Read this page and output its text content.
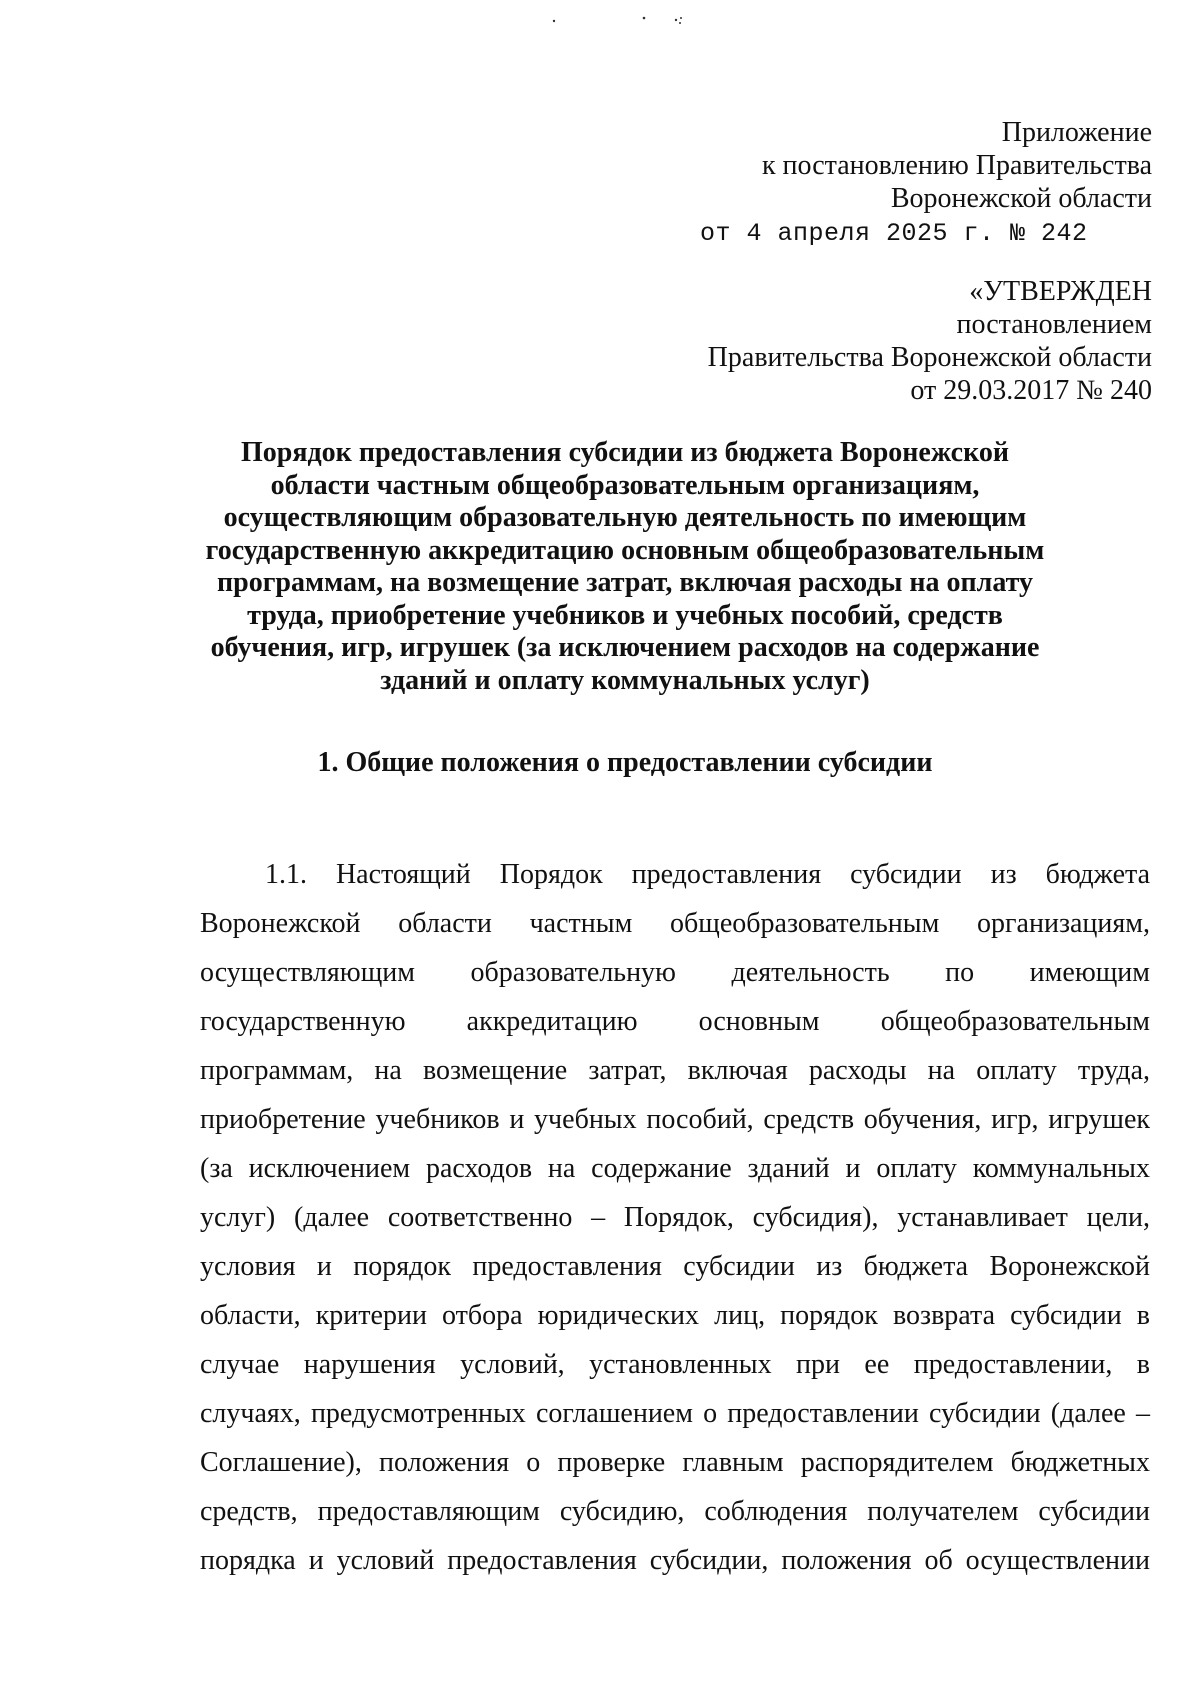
Приложение
к постановлению Правительства
Воронежской области
от 4 апреля 2025 г. № 242
«УТВЕРЖДЕН
постановлением
Правительства Воронежской области
от 29.03.2017 № 240
Порядок предоставления субсидии из бюджета Воронежской области частным общеобразовательным организациям, осуществляющим образовательную деятельность по имеющим государственную аккредитацию основным общеобразовательным программам, на возмещение затрат, включая расходы на оплату труда, приобретение учебников и учебных пособий, средств обучения, игр, игрушек (за исключением расходов на содержание зданий и оплату коммунальных услуг)
1. Общие положения о предоставлении субсидии
1.1. Настоящий Порядок предоставления субсидии из бюджета
Воронежской области частным общеобразовательным организациям,
осуществляющим образовательную деятельность по имеющим
государственную аккредитацию основным общеобразовательным
программам, на возмещение затрат, включая расходы на оплату труда,
приобретение учебников и учебных пособий, средств обучения, игр, игрушек
(за исключением расходов на содержание зданий и оплату коммунальных
услуг) (далее соответственно – Порядок, субсидия), устанавливает цели,
условия и порядок предоставления субсидии из бюджета Воронежской
области, критерии отбора юридических лиц, порядок возврата субсидии в
случае нарушения условий, установленных при ее предоставлении, в
случаях, предусмотренных соглашением о предоставлении субсидии (далее –
Соглашение), положения о проверке главным распорядителем бюджетных
средств, предоставляющим субсидию, соблюдения получателем субсидии
порядка и условий предоставления субсидии, положения об осуществлении
